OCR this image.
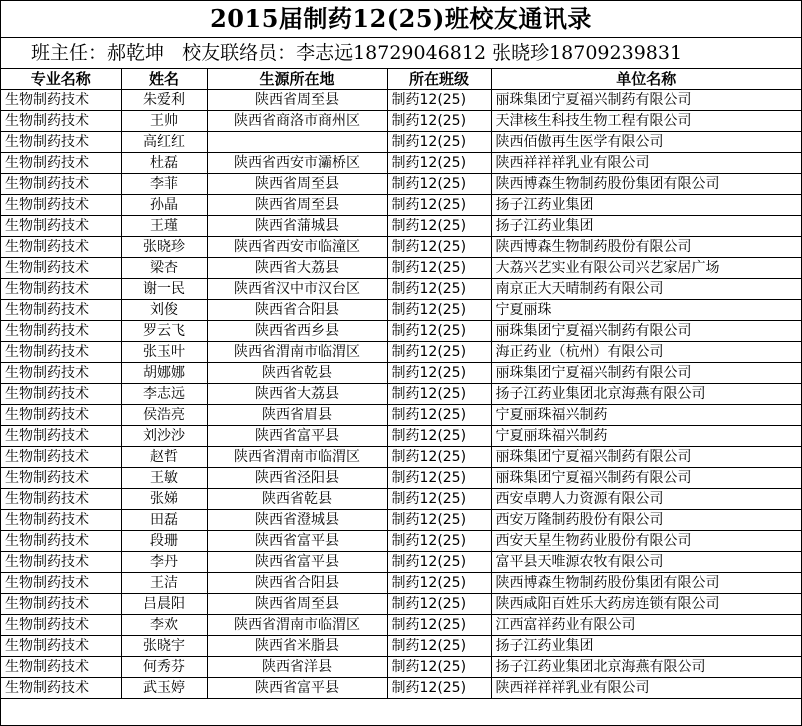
2015届制药12(25)班校友通讯录
班主任：郝乾坤 校友联络员：李志远18729046812 张晓珍18709239831
专业名称	姓名	生源所在地	所在班级	单位名称
生物制药技术	朱爱利	陕西省周至县	制药12(25)	丽珠集团宁夏福兴制药有限公司
生物制药技术	王帅	陕西省商洛市商州区	制药12(25)	天津核生科技生物工程有限公司
生物制药技术	高红红		制药12(25)	陕西佰傲再生医学有限公司
生物制药技术	杜磊	陕西省西安市灞桥区	制药12(25)	陕西祥祥祥乳业有限公司
生物制药技术	李菲	陕西省周至县	制药12(25)	陕西博森生物制药股份集团有限公司
生物制药技术	孙晶	陕西省周至县	制药12(25)	扬子江药业集团
生物制药技术	王瑾	陕西省蒲城县	制药12(25)	扬子江药业集团
生物制药技术	张晓珍	陕西省西安市临潼区	制药12(25)	陕西博森生物制药股份有限公司
生物制药技术	梁杏	陕西省大荔县	制药12(25)	大荔兴艺实业有限公司兴艺家居广场
生物制药技术	谢一民	陕西省汉中市汉台区	制药12(25)	南京正大天晴制药有限公司
生物制药技术	刘俊	陕西省合阳县	制药12(25)	宁夏丽珠
生物制药技术	罗云飞	陕西省西乡县	制药12(25)	丽珠集团宁夏福兴制药有限公司
生物制药技术	张玉叶	陕西省渭南市临渭区	制药12(25)	海正药业（杭州）有限公司
生物制药技术	胡娜娜	陕西省乾县	制药12(25)	丽珠集团宁夏福兴制药有限公司
生物制药技术	李志远	陕西省大荔县	制药12(25)	扬子江药业集团北京海燕有限公司
生物制药技术	侯浩亮	陕西省眉县	制药12(25)	宁夏丽珠福兴制药
生物制药技术	刘沙沙	陕西省富平县	制药12(25)	宁夏丽珠福兴制药
生物制药技术	赵哲	陕西省渭南市临渭区	制药12(25)	丽珠集团宁夏福兴制药有限公司
生物制药技术	王敏	陕西省泾阳县	制药12(25)	丽珠集团宁夏福兴制药有限公司
生物制药技术	张娣	陕西省乾县	制药12(25)	西安卓聘人力资源有限公司
生物制药技术	田磊	陕西省澄城县	制药12(25)	西安万隆制药股份有限公司
生物制药技术	段珊	陕西省富平县	制药12(25)	西安天星生物药业股份有限公司
生物制药技术	李丹	陕西省富平县	制药12(25)	富平县天唯源农牧有限公司
生物制药技术	王洁	陕西省合阳县	制药12(25)	陕西博森生物制药股份集团有限公司
生物制药技术	吕晨阳	陕西省周至县	制药12(25)	陕西咸阳百姓乐大药房连锁有限公司
生物制药技术	李欢	陕西省渭南市临渭区	制药12(25)	江西富祥药业有限公司
生物制药技术	张晓宇	陕西省米脂县	制药12(25)	扬子江药业集团
生物制药技术	何秀芬	陕西省洋县	制药12(25)	扬子江药业集团北京海燕有限公司
生物制药技术	武玉婷	陕西省富平县	制药12(25)	陕西祥祥祥乳业有限公司
